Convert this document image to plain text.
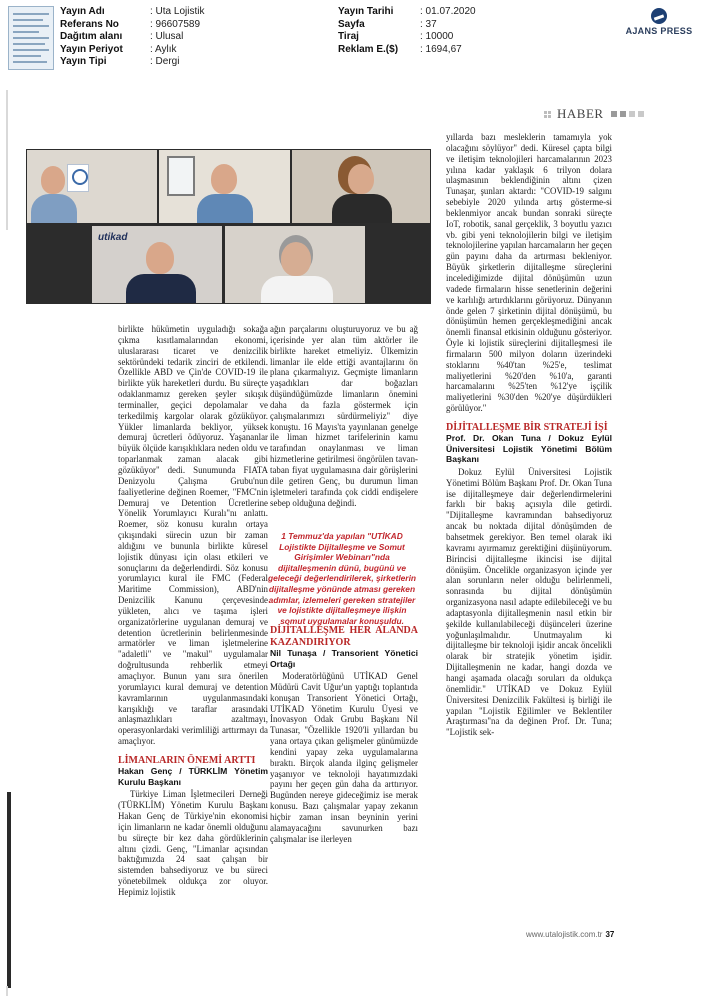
Yayın Adı	: Uta Lojistik
Referans No	: 96607589
Dağıtım alanı	: Ulusal
Yayın Periyot	: Aylık
Yayın Tipi	: Dergi
Yayın Tarihi	: 01.07.2020
Sayfa	: 37
Tiraj	: 10000
Reklam E.($)	: 1694,67
AJANS PRESS
HABER
utikad

birlikte hükümetin uyguladığı sokağa çıkma kısıtlamalarından ekonomi, uluslararası ticaret ve denizcilik sektöründeki tedarik zinciri de etkilendi. Özellikle ABD ve Çin'de COVID-19 ile birlikte yük hareketleri durdu. Bu süreçte odaklanmamız gereken şeyler sıkışık terminaller, geçici depolamalar ve terkedilmiş kargolar olarak gözüküyor. Yükler limanlarda bekliyor, yüksek demuraj ücretleri ödüyoruz. Yaşananlar büyük ölçüde karışıklıklara neden oldu ve toparlanmak zaman alacak gibi gözüküyor" dedi. Sunumunda FIATA Denizyolu Çalışma Grubu'nun faaliyetlerine değinen Roemer, "FMC'nin Demuraj ve Detention Ücretlerine Yönelik Yorumlayıcı Kuralı"nı anlattı. Roemer, söz konusu kuralın ortaya çıkışındaki sürecin uzun bir zaman aldığını ve bununla birlikte küresel lojistik dünyası için olası etkileri ve sonuçlarını da değerlendirdi. Söz konusu yorumlayıcı kural ile FMC (Federal Maritime Commission), ABD'nin Denizcilik Kanunu çerçevesinde yükleten, alıcı ve taşıma işleri organizatörlerine uygulanan demuraj ve detention ücretlerinin belirlenmesinde armatörler ve liman işletmelerine "adaletli" ve "makul" uygulamalar doğrultusunda rehberlik etmeyi amaçlıyor. Bunun yanı sıra önerilen yorumlayıcı kural demuraj ve detention kavramlarının uygulanmasındaki karışıklığı ve taraflar arasındaki anlaşmazlıkları azaltmayı, operasyonlardaki verimliliği arttırmayı da amaçlıyor.

LİMANLARIN ÖNEMİ ARTTI
Hakan Genç / TÜRKLİM Yönetim Kurulu Başkanı

Türkiye Liman İşletmecileri Derneği (TÜRKLİM) Yönetim Kurulu Başkanı Hakan Genç de Türkiye'nin ekonomisi için limanların ne kadar önemli olduğunu bu süreçte bir kez daha gördüklerinin altını çizdi. Genç, "Limanlar açısından baktığımızda 24 saat çalışan bir sistemden bahsediyoruz ve bu süreci yönetebilmek oldukça zor oluyor. Hepimiz lojistik

ağın parçalarını oluşturuyoruz ve bu ağ içerisinde yer alan tüm aktörler ile birlikte hareket etmeliyiz. Ülkemizin limanlar ile elde ettiği avantajlarını ön plana çıkarmalıyız. Geçmişte limanların yaşadıkları dar boğazları düşündüğümüzde limanların önemini daha da fazla göstermek için çalışmalarımızı sürdürmeliyiz" diye konuştu. 16 Mayıs'ta yayınlanan genelge ile liman hizmet tarifelerinin kamu tarafından onaylanması ve liman hizmetlerine getirilmesi öngörülen tavan-taban fiyat uygulamasına dair görüşlerini dile getiren Genç, bu durumun liman işletmeleri tarafında çok ciddi endişelere sebep olduğuna değindi.

1 Temmuz'da yapılan "UTİKAD Lojistikte Dijitalleşme ve Somut Girişimler Webinarı"nda dijitalleşmenin dünü, bugünü ve geleceği değerlendirilerek, şirketlerin dijitalleşme yönünde atması gereken adımlar, izlemeleri gereken stratejiler ve lojistikte dijitalleşmeye ilişkin somut uygulamalar konuşuldu.
DİJİTALLEŞME HER ALANDA KAZANDIRIYOR
Nil Tunaşa / Transorient Yönetici Ortağı

Moderatörlüğünü UTİKAD Genel Müdürü Cavit Uğur'un yaptığı toplantıda konuşan Transorient Yönetici Ortağı, UTİKAD Yönetim Kurulu Üyesi ve İnovasyon Odak Grubu Başkanı Nil Tunasar, "Özellikle 1920'li yıllardan bu yana ortaya çıkan gelişmeler günümüzde kendini yapay zeka uygulamalarına bıraktı. Birçok alanda ilginç gelişmeler yaşanıyor ve teknoloji hayatımızdaki payını her geçen gün daha da arttırıyor. Bugünden nereye gideceğimiz ise merak konusu. Bazı çalışmalar yapay zekanın hiçbir zaman insan beyninin yerini alamayacağını savunurken bazı çalışmalar ise ilerleyen

yıllarda bazı mesleklerin tamamıyla yok olacağını söylüyor" dedi. Küresel çapta bilgi ve iletişim teknolojileri harcamalarının 2023 yılına kadar yaklaşık 6 trilyon dolara ulaşmasının beklendiğinin altını çizen Tunaşar, şunları aktardı: "COVID-19 salgını sebebiyle 2020 yılında artış gösterme-si beklenmiyor ancak bundan sonraki süreçte IoT, robotik, sanal gerçeklik, 3 boyutlu yazıcı vb. gibi yeni teknolojilerin bilgi ve iletişim teknolojilerine yapılan harcamaların her geçen gün payını daha da artırması bekleniyor. Büyük şirketlerin dijitalleşme süreçlerini incelediğimizde dijital dönüşümün uzun vadede firmaların hisse senetlerinin değerini ve karlılığı artırdıklarını görüyoruz. Dünyanın önde gelen 7 şirketinin dijital dönüşümü, bu dönüşümün hemen gerçekleşmediğini ancak önemli finansal etkisinin olduğunu gösteriyor. Öyle ki lojistik süreçlerini dijitalleşmesi ile firmaların 500 milyon doların üzerindeki stoklarını %40'tan %25'e, teslimat maliyetlerini %20'den %10'a, garanti harcamalarını %25'ten %12'ye işçilik maliyetlerini %30'den %20'ye düşürdükleri görülüyor."

DİJİTALLEŞME BİR STRATEJİ İŞİ
Prof. Dr. Okan Tuna / Dokuz Eylül Üniversitesi Lojistik Yönetimi Bölüm Başkanı

Dokuz Eylül Üniversitesi Lojistik Yönetimi Bölüm Başkanı Prof. Dr. Okan Tuna ise dijitalleşmeye dair değerlendirmelerini farklı bir bakış açısıyla dile getirdi. "Dijitalleşme kavramından bahsediyoruz ancak bu noktada dijital dönüşümden de bahsetmek gerekiyor. Ben temel olarak iki kavramı ayırmamız gerektiğini düşünüyorum. Birincisi dijitalleşme ikincisi ise dijital dönüşüm. Öncelikle organizasyon içinde yer alan sorunların neler olduğu belirlenmeli, sonrasında bu dijital dönüşümün organizasyona nasıl adapte edilebileceği ve bu adaptasyonla dijitalleşmenin nasıl etkin bir şekilde kullanılabileceği düşünceleri üzerine yoğunlaşılmalıdır. Unutmayalım ki dijitalleşme bir teknoloji işidir ancak öncelikli olarak bir stratejik yönetim işidir. Dijitalleşmenin ne kadar, hangi dozda ve hangi aşamada olacağı soruları da oldukça önemlidir." UTİKAD ve Dokuz Eylül Üniversitesi Denizcilik Fakültesi iş birliği ile yapılan "Lojistik Eğilimler ve Beklentiler Araştırması"na da değinen Prof. Dr. Tuna; "Lojistik sek-

www.utalojistik.com.tr 37
